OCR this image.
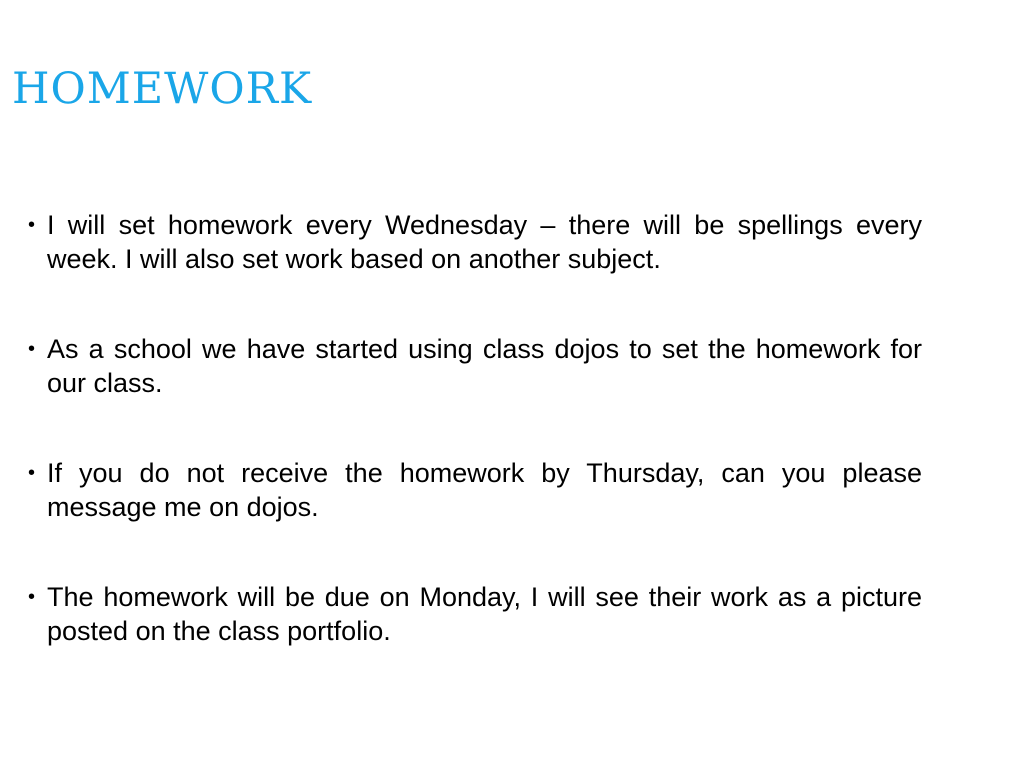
homework
• I will set homework every Wednesday – there will be spellings every week. I will also set work based on another subject.
• As a school we have started using class dojos to set the homework for our class.
• If you do not receive the homework by Thursday, can you please message me on dojos.
• The homework will be due on Monday, I will see their work as a picture posted on the class portfolio.
